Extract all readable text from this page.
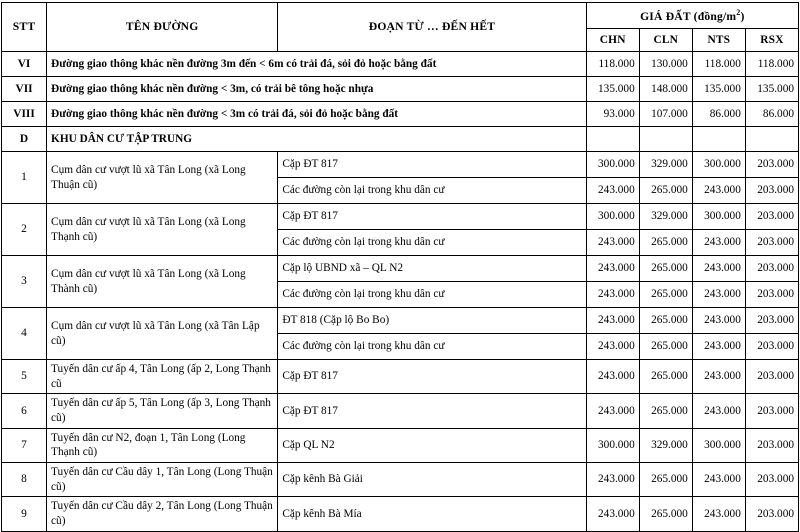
STT	TÊN ĐƯỜNG	ĐOẠN TỪ … ĐẾN HẾT	GIÁ ĐẤT $(đồng/m^2)$			
			CHN	CLN	NTS	RSX
VI	Đường giao thông khác nền đường 3m đến < 6m có trải đá, sỏi đỏ hoặc bằng đất		118.000	130.000	118.000	118.000
VII	Đường giao thông khác nền đường < 3m, có trải bê tông hoặc nhựa		135.000	148.000	135.000	135.000
VIII	Đường giao thông khác nền đường < 3m có trải đá, sỏi đỏ hoặc bằng đất		93.000	107.000	86.000	86.000
D	KHU DÂN CƯ TẬP TRUNG					
1	Cụm dân cư vượt lũ xã Tân Long (xã Long Thuận cũ)	Cặp ĐT 817	300.000	329.000	300.000	203.000
		Các đường còn lại trong khu dân cư	243.000	265.000	243.000	203.000
2	Cụm dân cư vượt lũ xã Tân Long (xã Long Thạnh cũ)	Cặp ĐT 817	300.000	329.000	300.000	203.000
		Các đường còn lại trong khu dân cư	243.000	265.000	243.000	203.000
3	Cụm dân cư vượt lũ xã Tân Long (xã Long Thành cũ)	Cặp lộ UBND xã – QL N2	243.000	265.000	243.000	203.000
		Các đường còn lại trong khu dân cư	243.000	265.000	243.000	203.000
4	Cụm dân cư vượt lũ xã Tân Long (xã Tân Lập cũ)	ĐT 818 (Cặp lộ Bo Bo)	243.000	265.000	243.000	203.000
		Các đường còn lại trong khu dân cư	243.000	265.000	243.000	203.000
5	Tuyến dân cư ấp 4, Tân Long (ấp 2, Long Thạnh cũ	Cặp ĐT 817	243.000	265.000	243.000	203.000
6	Tuyến dân cư ấp 5, Tân Long (ấp 3, Long Thạnh cũ)	Cặp ĐT 817	243.000	265.000	243.000	203.000
7	Tuyến dân cư N2, đoạn 1, Tân Long (Long Thạnh cũ)	Cặp QL N2	300.000	329.000	300.000	203.000
8	Tuyến dân cư Cầu dây 1, Tân Long (Long Thuận cũ)	Cặp kênh Bà Giải	243.000	265.000	243.000	203.000
9	Tuyến dân cư Cầu dây 2, Tân Long (Long Thuận cũ)	Cặp kênh Bà Mía	243.000	265.000	243.000	203.000
